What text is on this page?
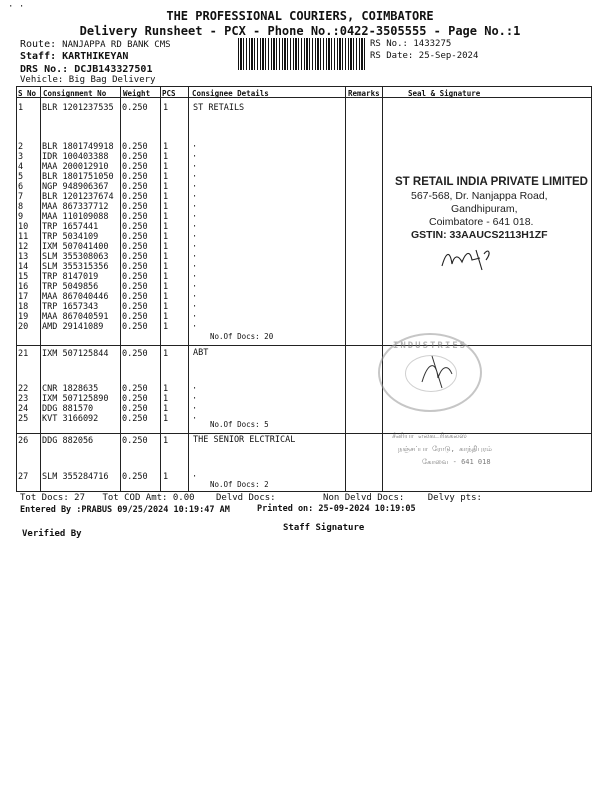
· ·
THE PROFESSIONAL COURIERS, COIMBATORE
Delivery Runsheet - PCX - Phone No.:0422-3505555 - Page No.:1
Route: NANJAPPA RD BANK CMS
Staff: KARTHIKEYAN
RS No.: 1433275
RS Date: 25-Sep-2024
DRS No.: DCJB143327501
Vehicle: Big Bag Delivery
S No Consignment No Weight PCS Consignee Details	Remarks	Seal & Signature
1 BLR 1201237535 0.250 1	ST RETAILS
2 BLR 1801749918 0.250 1	·
3 IDR 100403388 0.250 1	·
4 MAA 200012910 0.250 1	·
5 BLR 1801751050 0.250 1	·
6 NGP 948906367 0.250 1	·
7 BLR 1201237674 0.250 1	·
8 MAA 867337712 0.250 1	·
9 MAA 110109088 0.250 1	·
10 TRP 1657441	0.250 1	·
11 TRP 5034109	0.250 1	·
12 IXM 507041400 0.250 1	·
13 SLM 355308063 0.250 1	·
14 SLM 355315356 0.250 1	·
15 TRP 8147019	0.250 1	·
16 TRP 5049856	0.250 1	·
17 MAA 867040446 0.250 1	·
18 TRP 1657343	0.250 1	·
19 MAA 867040591 0.250 1	·
20 AMD 29141089 0.250 1	·
No.Of Docs: 20
21 IXM 507125844 0.250 1	ABT
22 CNR 1828635	0.250 1	·
23 IXM 507125890 0.250 1	·
24 DDG 881570	0.250 1	·
25 KVT 3166092	0.250 1	·
No.Of Docs: 5
26 DDG 882056	0.250 1	THE SENIOR ELCTRICAL
27 SLM 355284716 0.250 1	·
No.Of Docs: 2
ST RETAIL INDIA PRIVATE LIMITED
567-568, Dr. Nanjappa Road,
Gandhipuram,
Coimbatore - 641 018.
GSTIN: 33AAUCS2113H1ZF
INDUSTRIES
சீனியர் எலக்ட்ரிக்கல்ஸ்
நஞ்சப்பா ரோடு, காந்திபுரம்
கோவை - 641 018
Tot Docs: 27 Tot COD Amt: 0.00 Delvd Docs:	Non Delvd Docs:	Delvy pts:
Entered By :PRABUS 09/25/2024 10:19:47 AM	Printed on: 25-09-2024 10:19:05
Verified By
Staff Signature
